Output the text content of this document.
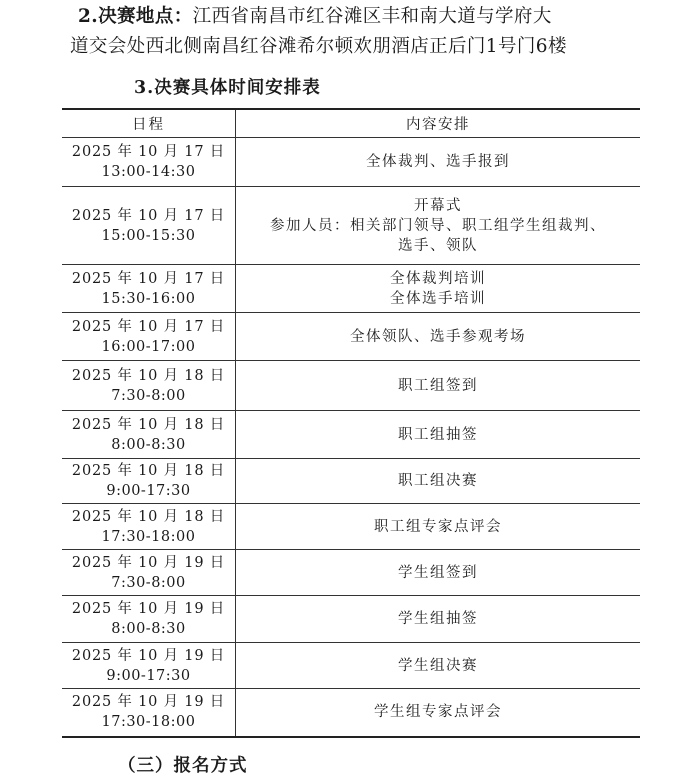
2.决赛地点：江西省南昌市红谷滩区丰和南大道与学府大
道交会处西北侧南昌红谷滩希尔顿欢朋酒店正后门1号门6楼
3.决赛具体时间安排表
日程	内容安排

2025 年 10 月 17 日
13:00-14:30	全体裁判、选手报到

2025 年 10 月 17 日
15:00-15:30	开幕式
参加人员：相关部门领导、职工组学生组裁判、
选手、领队

2025 年 10 月 17 日
15:30-16:00	全体裁判培训
全体选手培训

2025 年 10 月 17 日
16:00-17:00	全体领队、选手参观考场

2025 年 10 月 18 日
7:30-8:00	职工组签到

2025 年 10 月 18 日
8:00-8:30	职工组抽签

2025 年 10 月 18 日
9:00-17:30	职工组决赛

2025 年 10 月 18 日
17:30-18:00	职工组专家点评会

2025 年 10 月 19 日
7:30-8:00	学生组签到

2025 年 10 月 19 日
8:00-8:30	学生组抽签

2025 年 10 月 19 日
9:00-17:30	学生组决赛

2025 年 10 月 19 日
17:30-18:00	学生组专家点评会
（三）报名方式
